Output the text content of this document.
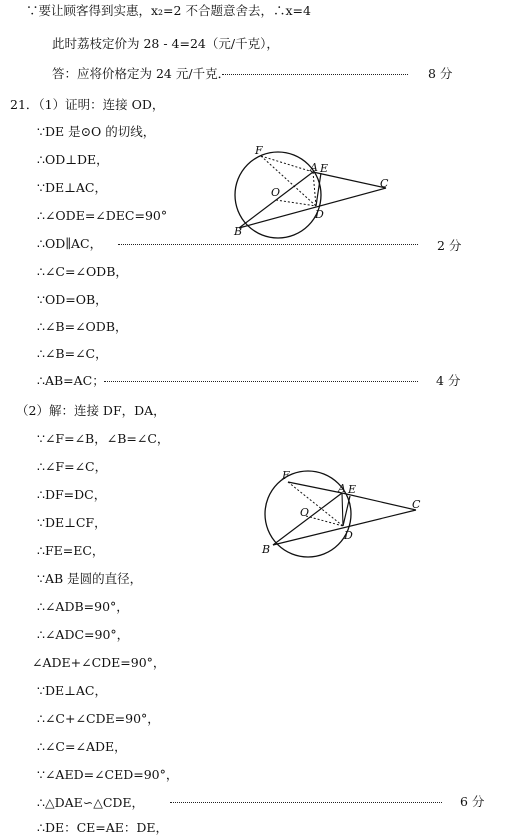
∵要让顾客得到实惠，x₂=2 不合题意舍去，∴x=4
此时荔枝定价为 28 - 4=24（元/千克），
答：应将价格定为 24 元/千克．	8 分
21．（1）证明：连接 OD，
∵DE 是⊙O 的切线，
∴OD⊥DE，
∵DE⊥AC，
∴∠ODE=∠DEC=90°
∴OD∥AC，	2 分
∴∠C=∠ODB，
∵OD=OB，
∴∠B=∠ODB，
∴∠B=∠C，
∴AB=AC；	4 分
F
A E
C
O
D
B
（2）解：连接 DF，DA，
∵∠F=∠B，∠B=∠C，
∴∠F=∠C，
∴DF=DC，
∵DE⊥CF，
∴FE=EC，
∵AB 是圆的直径，
∴∠ADB=90°，
∴∠ADC=90°，
∠ADE+∠CDE=90°，
∵DE⊥AC，
∴∠C+∠CDE=90°，
∴∠C=∠ADE，
∵∠AED=∠CED=90°，
∴△DAE∽△CDE，	6 分
∴DE：CE=AE：DE，
F
A E
C
O
D
B
